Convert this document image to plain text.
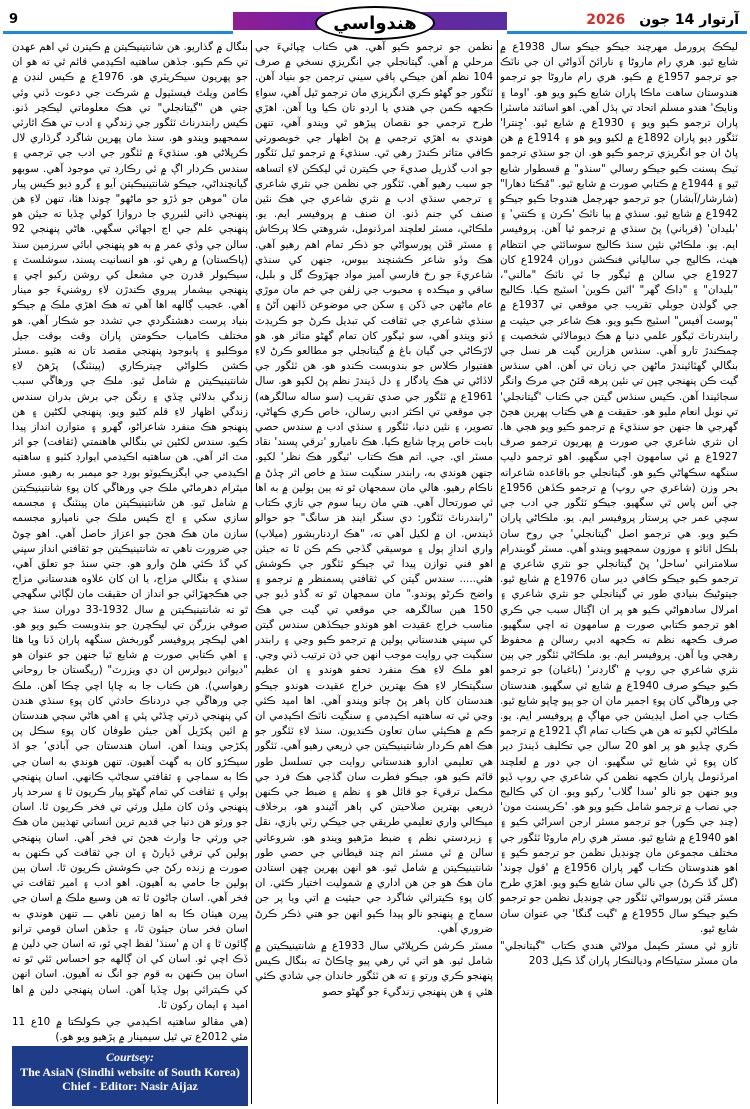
9	هندواسي	2026 آرتوار 14 جون

ليڪڪ پرورمل مهرچند جيڪو جيڪو سال 1938ع ۾ شايع ٿيو. هري رام ماروڻا ۽ نارائڻ آڏواڻي ان جي ناٽڪ جو ترجمو 1957ع ۾ ڪيو. هري رام ماروڻا جو ترجمو هندوستان ساهت ماڪا پاران شايع ڪيو ويو هو. 'اوما ۽ ونايڪ' هندو مسلم اتحاد تي ٻڌل آهي. اهو اسائند ماسٽرا پاران ترجمو ڪيو ويو ۽ 1930ع ۾ شايع ٿيو. 'جِنترا' ٽئگور ڊيو پاران 1892ع ۾ لکيو ويو هو ۽ 1914ع ۾ هن پاڻ ان جو انگريزي ترجمو ڪيو هو. ان جو سنڌي ترجمو ٽيڪ ٻسنت ڪيو جيڪو رسالي "سنڌو" ۾ قسطوار شايع ٿيو ۽ 1944ع ۾ ڪتابي صورت ۾ شايع ٿيو. "مُڪتا دهارا" (شارشار/آبشار) جو ترجمو جهرڄمل هندوجا ڪيو جيڪو 1942ع ۾ شايع ٿيو. سنڌي ۾ ٻيا ناٽڪ 'ڪرن ۽ ڪنتي' ۽ 'بليدان' (قرباني) پڻ سنڌي ۾ ترجمو ٿيا آهن. پروفيسر ايم. يو. ملڪاڻي نئين سنڌ ڪاليج سوسائٽي جي انتظام هيٺ، ڪاليج جي سالياني فنڪشن دوران 1924ع کان 1927ع جي سالن ۾ ٽيگور جا ٽي ناٽڪ "مالني"، "بليدان" ۽ "ڊاڪ گهر" 'ائين ڪوين' اسٽيج ڪيا. ڪاليج جي گولڊن جوبلي تقريب جي موقعي تي 1937ع ۾ "پوسٽ آفيس" اسٽيج ڪيو ويو. هڪ شاعر جي حيثيت ۾ رابندرناٿ ٽيگور علمي دنيا ۾ هڪ ديومالائي شخصيت ۽ چمڪندڙ تارو آهي. سنڌس هزارين گيت هر نسل جي بنگالي گهٽائيندڙ ماڻهن جي زبان تي آهن. اهي سنڌس گيت ڪن پنهنجي چپن تي نئين پرهه ڦٽڻ جي مرڪ وانگر سجائيندا آهن. ڪيس سنڌس گيتن جي ڪتاب 'گيتانجلي' تي نوبل انعام مليو هو. حقيقت ۾ هي ڪتاب پهرين هجڻ گهرجي ها جنهن جو سنڌيءَ ۾ ترجمو ڪيو ويو هجي ها. ان نثري شاعري جي صورت ۾ پهريون ترجمو صرف 1927ع ۾ ئي سامهون اچي سگهيو. اهو ترجمو دليپ سنگهه سڪهاڻي ڪيو هو. گيتانجلي جو باقاعده شاعرانه بحر وزن (شاعري جي روپ) ۾ ترجمو ڪڏهن 1956ع جي آس پاس ٿي سگهيو. جيڪو ٽئگور جي ادب جي سچي عمر جي پرستار پروفيسر ايم. يو. ملڪاڻي پاران ڪيو ويو. هي ترجمو اصل 'گيتانجلي' جي روح سان بلڪل اٺائو ۽ موزون سمجهيو ويندو آهي. مسٽر گوبندرام سلامتراني 'ساحل' پڻ گيتانجلي جو نثري شاعري ۾ ترجمو ڪيو جيڪو ڪافي دير سان 1976ع ۾ شايع ٿيو. جيتوڻيڪ بنيادي طور تي گيتانجلي جو نثري شاعري ۽ امرلال سادهواڻي ڪيو هو پر ان اڳتال سبب جي ڪري اهو ترجمو ڪتابي صورت ۾ سامهون نه اچي سگهيو. صرف ڪجهه نظم نه ڪجهه ادبي رسالن ۾ محفوظ رهجي ويا آهن. پروفيسر ايم. يو. ملڪاڻي ٽئگور جي ٻين نثري شاعري جي روپ ۾ 'گارڊنر' (باغبان) جو ترجمو ڪيو جيڪو صرف 1940ع ۾ شايع ٿي سگهيو. هندستان جي ورهاڱي کان پوءِ اجمير مان ان جو ٻيو ڇاپو شايع ٿيو. ڪتاب جي اصل ايڊيشن جي مهاڳ ۾ پروفيسر ايم. يو. ملڪاڻي لکيو ته هن هي ڪتاب تمام اڳ 1921ع ۾ ترجمو ڪري ڇڏيو هو پر اهو 20 سالن جي تڪليف ڏيندڙ دير کان پوءِ ئي شايع ٿي سگهيو. ان جي دور ۾ لعلچند امرڏنومل پاران ڪجهه نظمن کي شاعري جي روپ ڏيو ويو جنهن جو نالو 'سدا گلاب' رکيو ويو. ان کي ڪاليج جي نصاب ۾ ترجمو شامل ڪيو ويو هو. 'ڪريسنٽ مون' (چنڊ جي ڪور) جو ترجمو مسٽر ارجن اسراڻي ڪيو ۽ اهو 1940ع ۾ شايع ٿيو. مسٽر هري رام ماروڻا ٽئگور جي مختلف مجموعن مان چونڊيل نظمن جو ترجمو ڪيو ۽ اهو هندوستان ڪتاب گهر پاران 1956ع ۾ 'قول چوند' (گل گڏ ڪرڻ) جي نالي سان شايع ڪيو ويو. اهڙي طرح مسٽر ڦٽن پورسواڻي ٽئگور جي چونڊيل نظمن جو ترجمو ڪيو جيڪو سال 1955ع ۾ 'گيت گنگا' جي عنوان سان شايع ٿيو.

تازو ئي مسٽر ڪيمل مولاڻي هندي ڪتاب "گيتانجلي" مان مسٽر ستياڪام وديالنڪار پاران گڏ ڪيل 203

نظمن جو ترجمو ڪيو آهي. هي ڪتاب ڇپائيءَ جي مرحلي ۾ آهي. گيتانجلي جي انگريزي نسخي ۾ صرف 104 نظم آهن جيڪي ٻاقي سيني ترجمن جو بنياد آهن. ٽئگور جو گهڻو ڪري انگريزي مان ترجمو ٿيل آهي، سواءِ ڪجهه ڪمن جي هندي يا اردو تان ڪيا ويا آهن. اهڙي طرح ترجمي جو نقصان پيڙهو ٿي ويندو آهي، تنهن هوندي به اهڙي ترجمي ۾ پڻ اظهار جي خوبصورتي ڪافي متاثر ڪندڙ رهي ٿي. سنڌيءَ ۾ ترجمو ٿيل ٽئگور جو ادب گذريل صديءَ جي ڪيترن ئي ليکڪن لاءِ اتساهه جو سبب رهيو آهي. ٽئگور جي نظمن جي نثري شاعري ۽ ترجمي سنڌي ادب ۾ نثري شاعري جي هڪ نئين صنف کي جنم ڏنو. ان صنف ۾ پروفيسر ايم. يو. ملڪاڻي، مسٽر لعلچند امرڏنومل، شروهتي ڪلا پرڪاش ۽ مسٽر ڦٽن پورسواڻي جو ذڪر تمام اهم رهيو آهي. هڪ وڏو شاعر ڪشنچند بيوس، جنهن کي سنڌي شاعريءَ جو رخ فارسي آميز مواد جهڙوڪ گل و بلبل، ساقي و ميڪده ۽ محبوب جي زلفن جي خم مان موڙي عام ماڻهن جي ڏکن ۽ سکن جي موضوعن ڏانهن آڻڻ ۽ سنڌي شاعري جي ثقافت کي تبديل ڪرڻ جو ڪريڊٽ ڏنو ويندو آهي، سو ٽيگور کان تمام گهڻو متاثر هو. هو لاڙڪاڻي جي گيان باغ ۾ گيتانجلي جو مطالعو ڪرڻ لاءِ هفتيوار ڪلاس جو بندوبست ڪندو هو. هن ٽئگور جي لاڏاڻي تي هڪ يادگار ۽ دل ڏيندڙ نظم پڻ لکيو هو. سال 1961ع ۾ ٽئگور جي صدي تقريب (سو ساله سالگرهه) جي موقعي تي اڪثر ادبي رسالن، خاص ڪري ڪهاڻي، تصوير، ۽ نئين دنيا، ٽئگور ۽ سنڌي ادب ۾ سندس حصي بابت خاص پرچا شايع ڪيا. هڪ ناميارو 'ترقي پسند' نقاد مسٽر اي. جي. اتم هڪ ڪتاب 'ٽيگور هڪ نظر' لکيو. جنهن هوندي به، رابندر سنگيت سنڌ ۾ خاص اثر ڇڏڻ ۾ ناڪام رهيو. هالي مان سمجهان ٿو ته ٻين ٻولين ۾ به اها ئي صورتحال آهي. هتي مان ريبا سوم جي تازي ڪتاب "رابندرناٿ ٽئگور: دي سنگر اينڊ هز سانگ" جو حوالو ڏيندس. ان ۾ لکيل آهي ته، "هڪ اردناربشور (ميلاپ) واري اندازِ ٻول ۽ موسيقي گڏجي ڪم ڪن ٿا ته جيئن اهو فني توازن پيدا ٿي جيڪو ٽئگور جي ڪوشش هئي..... سندس گيتن کي ثقافتي پسمنظر ۾ ترجمو ۽ واضح ڪرڻو پوندو." مان سمجهان ٿو ته گڏو ڏيو جي 150 هين سالگرهه جي موقعي تي گيت جي هڪ مناسب خراج عقيدت اهو هوندو جيڪڏهن سندس گيتن کي سڀني هندستاني ٻولين ۾ ترجمو ڪيو وڃي ۽ رابندر سنگيت جي روايت موجب انهن جي ڌن ترتيب ڏني وڃي. اهو ملڪ لاءِ هڪ منفرد تحفو هوندو ۽ ان عظيم سنگيتڪار لاءِ هڪ بهترين خراج عقيدت هوندو جيڪو هندستان کان ٻاهر پڻ ڄاتو ويندو آهي. اها اميد ڪئي وڃي ٿي ته ساهتيه اڪيڊمي ۽ سنگيت ناٽڪ اڪيڊمي ان ڪم ۾ هڪٻئي سان تعاون ڪنديون. سنڌ لاءِ ٽئگور جو هڪ اهم ڪردار شانتينيڪيتن جي ذريعي رهيو آهي. ٽئگور هي تعليمي ادارو هندستاني روايت جي تسلسل طور قائم ڪيو هو، جيڪو فطرت سان گڏجي هڪ فرد جي مڪمل ترقيءَ جو قائل هو ۽ نظم ۽ ضبط جي ڪنهن ذريعي بهترين صلاحيتن کي ٻاهر آڻيندو هو، برخلاف ميڪالي واري تعليمي طريقي جي جيڪي رٽي بازي، نقل ۽ زبردستي نظم ۽ ضبط مڙهيو ويندو هو. شروعاتي سالن ۾ ئي مسٽر اتم چند قيطاني جي حصي طور شانتينيڪيتن ۾ شامل ٿيو. هو انهن پهرين ڇهن استادن مان هڪ هو جن هن اداري ۾ شموليت اختيار ڪئي. ان کان پوءِ ڪيترائي شاگرد جي حيثيت ۾ اتي ويا پر جن سماج ۾ پنهنجو نالو پيدا ڪيو انهن جو هتي ذڪر ڪرڻ ضروري آهي.

مسٽر ڪرشن ڪرپلاڻي سال 1933ع ۾ شانتينيڪيتن ۾ شامل ٿيو. هو اتي ئي رهي پيو ڇاڪاڻ ته بنگال ڪيس پنهنجو ڪري ورتو ۽ ته هن ٽئگور خاندان جي شادي ڪئي هئي ۽ هن پنهنجي زندگيءَ جو گهڻو حصو

بنگال ۾ گذاريو. هن شانتينيڪيتن ۾ ڪيترن ئي اهم عهدن تي ڪم ڪيو. جڏهن ساهتيه اڪيڊمي قائم ٿي ته هو ان جو پهريون سيڪريٽري هو. 1976ع ۾ ڪيس لنڊن ۾ ڪامن ويلٿ فيسٽيول ۾ شرڪت جي دعوت ڏني وئي جتي هن "گيتانجلي" تي هڪ معلوماتي ليڪچر ڏنو. ڪيس رابندرناٿ ٽئگور جي زندگي ۽ ادب تي هڪ اٿارٽي سمجهيو ويندو هو. سنڌ مان پهرين شاگرد گرڌاري لال ڪرپلاڻي هو. سنڌيءَ ۾ ٽئگور جي ادب جي ترجمي ۽ سندس ڪردار اڳ ۾ ئي رڪارڊ تي موجود آهي. سوبهو گيانچنداڻي، جيڪو شانتينيڪيتن آيو ۽ گرو ديو ڪيس پيار مان "موهن جو ڏڙو جو ماڻهو" چوندا هئا، تنهن لاءِ هن پنهنجي ذاتي لئبررِي جا دروازا کولي ڇڏيا ته جيئن هو پنهنجي علم جي اڃ اجهائي سگهي. هاڻي پنهنجي 92 سالن جي وڏي عمر ۾ به هو پنهنجي ابائي سرزمين سنڌ (پاڪستان) ۾ رهي ٿو. هو انسانيت پسند، سوشلسٽ ۽ سيڪيولر قدرن جي مشعل کي روشن رکيو اچي ۽ پنهنجي بيشمار پيروي ڪندڙن لاءِ روشنيءَ جو مينار آهي. عجيب ڳالهه اها آهي ته هڪ اهڙي ملڪ ۾ جيڪو بنياد پرست دهشتگردي جي تشدد جو شڪار آهي. هو مختلف ڪامياب حڪومتن پاران وقت بوقت جيل موڪليو ۽ پابوجود پنهنجي مقصد تان نه هٽيو .مسٽر ڪشن ڪلواڻي چيترڪاري (پينٽنگ) پڙهڻ لاءِ شانتينيڪيتن ۾ شامل ٿيو. ملڪ جي ورهاڱي سبب زندگي بدلائي ڇڏي ۽ رنگن جي برش بدران سندس زندگي اظهار لاءِ قلم کڻيو ويو. پنهنجي لکڻين ۽ هن پنهنجو هڪ منفرد شاعراڻو، گهرو ۽ متوازن انداز پيدا ڪيو. سندس لکڻين تي بنگالي هاهنمتي (ثقافت) جو اثر مٽ اٿر آهي. هن ساهتيه اڪيڊمي ايوارڊ کٽيو ۽ ساهتيه اڪيڊمي جي ايگزيڪيوٽو بورڊ جو ميمبر به رهيو. مسٽر ميٿرام دهرماڻي ملڪ جي ورهاڱي کان پوءِ شانتينيڪيتن ۾ شامل ٿيو. هن شانتينيڪيتن مان پينٽنگ ۽ مجسمه سازي سکي ۽ اڄ ڪيس ملڪ جي ناميارو مجسمه سازن مان هڪ هجڻ جو اعزاز حاصل آهي. اهو چوڻ جي ضرورت ناهي ته شانتينيڪيتن جو ثقافتي انداز سڀني کي گڏ ڪئي هلڻ وارو هو. جتي سنڌ جو تعلق آهي، سنڌي ۽ بنگالي مزاج، يا ان کان علاوه هندستاني مزاج جي هڪجهڙائي جو انداز ان حقيقت مان لڳائي سگهجي ٿو ته شانتينيڪيتن ۾ سال 1932-33 دوران سنڌ جي صوفي بزرگن تي ليڪچرن جو بندوبست ڪيو ويو هو. اهي ليڪچر پروفيسر گوربخش سنگهه پاران ڏنا ويا هئا ۽ اهي ڪتابي صورت ۾ شايع ٿيا جنهن جو عنوان هو "ديوانن ديولرس ان دي ويزرٽ" (ريگستان جا روحاني رهواسي). هن ڪتاب جا به ڇاپا اچي چڪا آهن. ملڪ جي ورهاڱي جي دردناڪ حادثي کان پوءِ سنڌي هندن کي پنهنجي ڌرتي ڇڏڻي پئي ۽ اهي هاڻي سڄي هندستان ۾ ائين پکڙيل آهن جيئن طوفان کان پوءِ سڪل پن پکڙجي ويندا آهن. اسان هندستان جي آبادي‘ جو اڌ سيڪڙو کان به گهٽ آهيون. تنهن هوندي به اسان جي ڪا به سماجي ۽ ثقافتي سڃاڻپ ڪانهي. اسان پنهنجي ٻولي ۽ ثقافت کي تمام گهڻو پيار ڪريون ٿا ۽ سرحد پار پنهنجي وڏن کان مليل ورثي تي فخر ڪريون ٿا. اسان جو ورثو هن دنيا جي قديم ترين انساني تهذيبن مان هڪ جي ورثي جا وارث هجڻ تي فخر آهي. اسان پنهنجي ٻولين کي ترقي ڏيارڻ ۽ ان جي ثقافت کي ڪنهن به صورت ۾ زنده رکڻ جي ڪوشش ڪريون ٿا. اسان ٻين ٻولين جا حامي به آهيون. اهو ادب ۽ امير ثقافت تي فخر آهي. اسان ڄاڻون ٿا ته هن وسيع ملڪ ۾ اسان جي پيرن هيٺان ڪا به اها زمين ناهي ـــ تنهن هوندي به اسان فخر سان جيئون ٿا، ۽ جڏهن اسان قومي ترانو ڳائون ٿا ۽ ان ۾ 'سنڌ' لفظ اچي ٿو، ته اسان جي دلين ۾ ڏڪ اچي ٿو. اسان کي ان ڳالهه جو احساس ٿئي ٿو ته اسان ٻين ڪنهن به قوم جو انگ نه آهيون. اسان انهن کي ڪيترائي ٻول ڇڏيا آهن. اسان پنهنجي دلين ۾ اها اميد ۽ ايمان رکون ٿا.

(هي مقالو ساهتيه اڪيڊمي جي ڪولڪتا ۾ 10ع 11 مئي 2012ع تي ٿيل سيمينار ۾ پڙهيو ويو هو.)

Courtsey:
The AsiaN (Sindhi website of South Korea)
Chief - Editor: Nasir Aijaz
